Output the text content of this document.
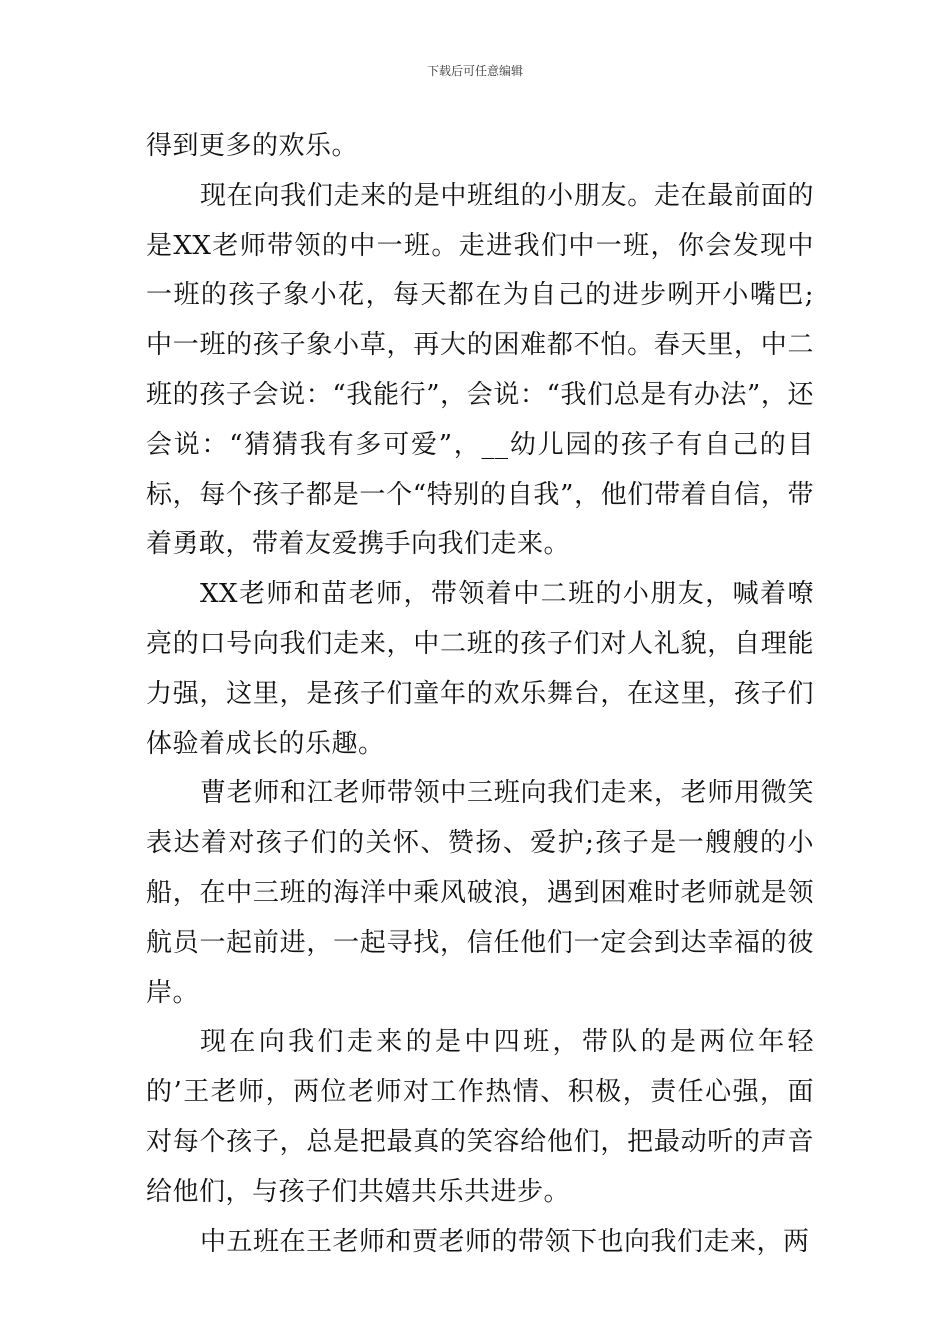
下载后可任意编辑

得到更多的欢乐。

现在向我们走来的是中班组的小朋友。走在最前面的是XX老师带领的中一班。走进我们中一班，你会发现中一班的孩子象小花，每天都在为自己的进步咧开小嘴巴;中一班的孩子象小草，再大的困难都不怕。春天里，中二班的孩子会说：“我能行”，会说：“我们总是有办法”，还会说：“猜猜我有多可爱”，__幼儿园的孩子有自己的目标，每个孩子都是一个“特别的自我”，他们带着自信，带着勇敢，带着友爱携手向我们走来。

XX老师和苗老师，带领着中二班的小朋友，喊着嘹亮的口号向我们走来，中二班的孩子们对人礼貌，自理能力强，这里，是孩子们童年的欢乐舞台，在这里，孩子们体验着成长的乐趣。

曹老师和江老师带领中三班向我们走来，老师用微笑表达着对孩子们的关怀、赞扬、爱护;孩子是一艘艘的小船，在中三班的海洋中乘风破浪，遇到困难时老师就是领航员一起前进，一起寻找，信任他们一定会到达幸福的彼岸。

现在向我们走来的是中四班，带队的是两位年轻的’王老师，两位老师对工作热情、积极，责任心强，面对每个孩子，总是把最真的笑容给他们，把最动听的声音给他们，与孩子们共嬉共乐共进步。

中五班在王老师和贾老师的带领下也向我们走来，两
